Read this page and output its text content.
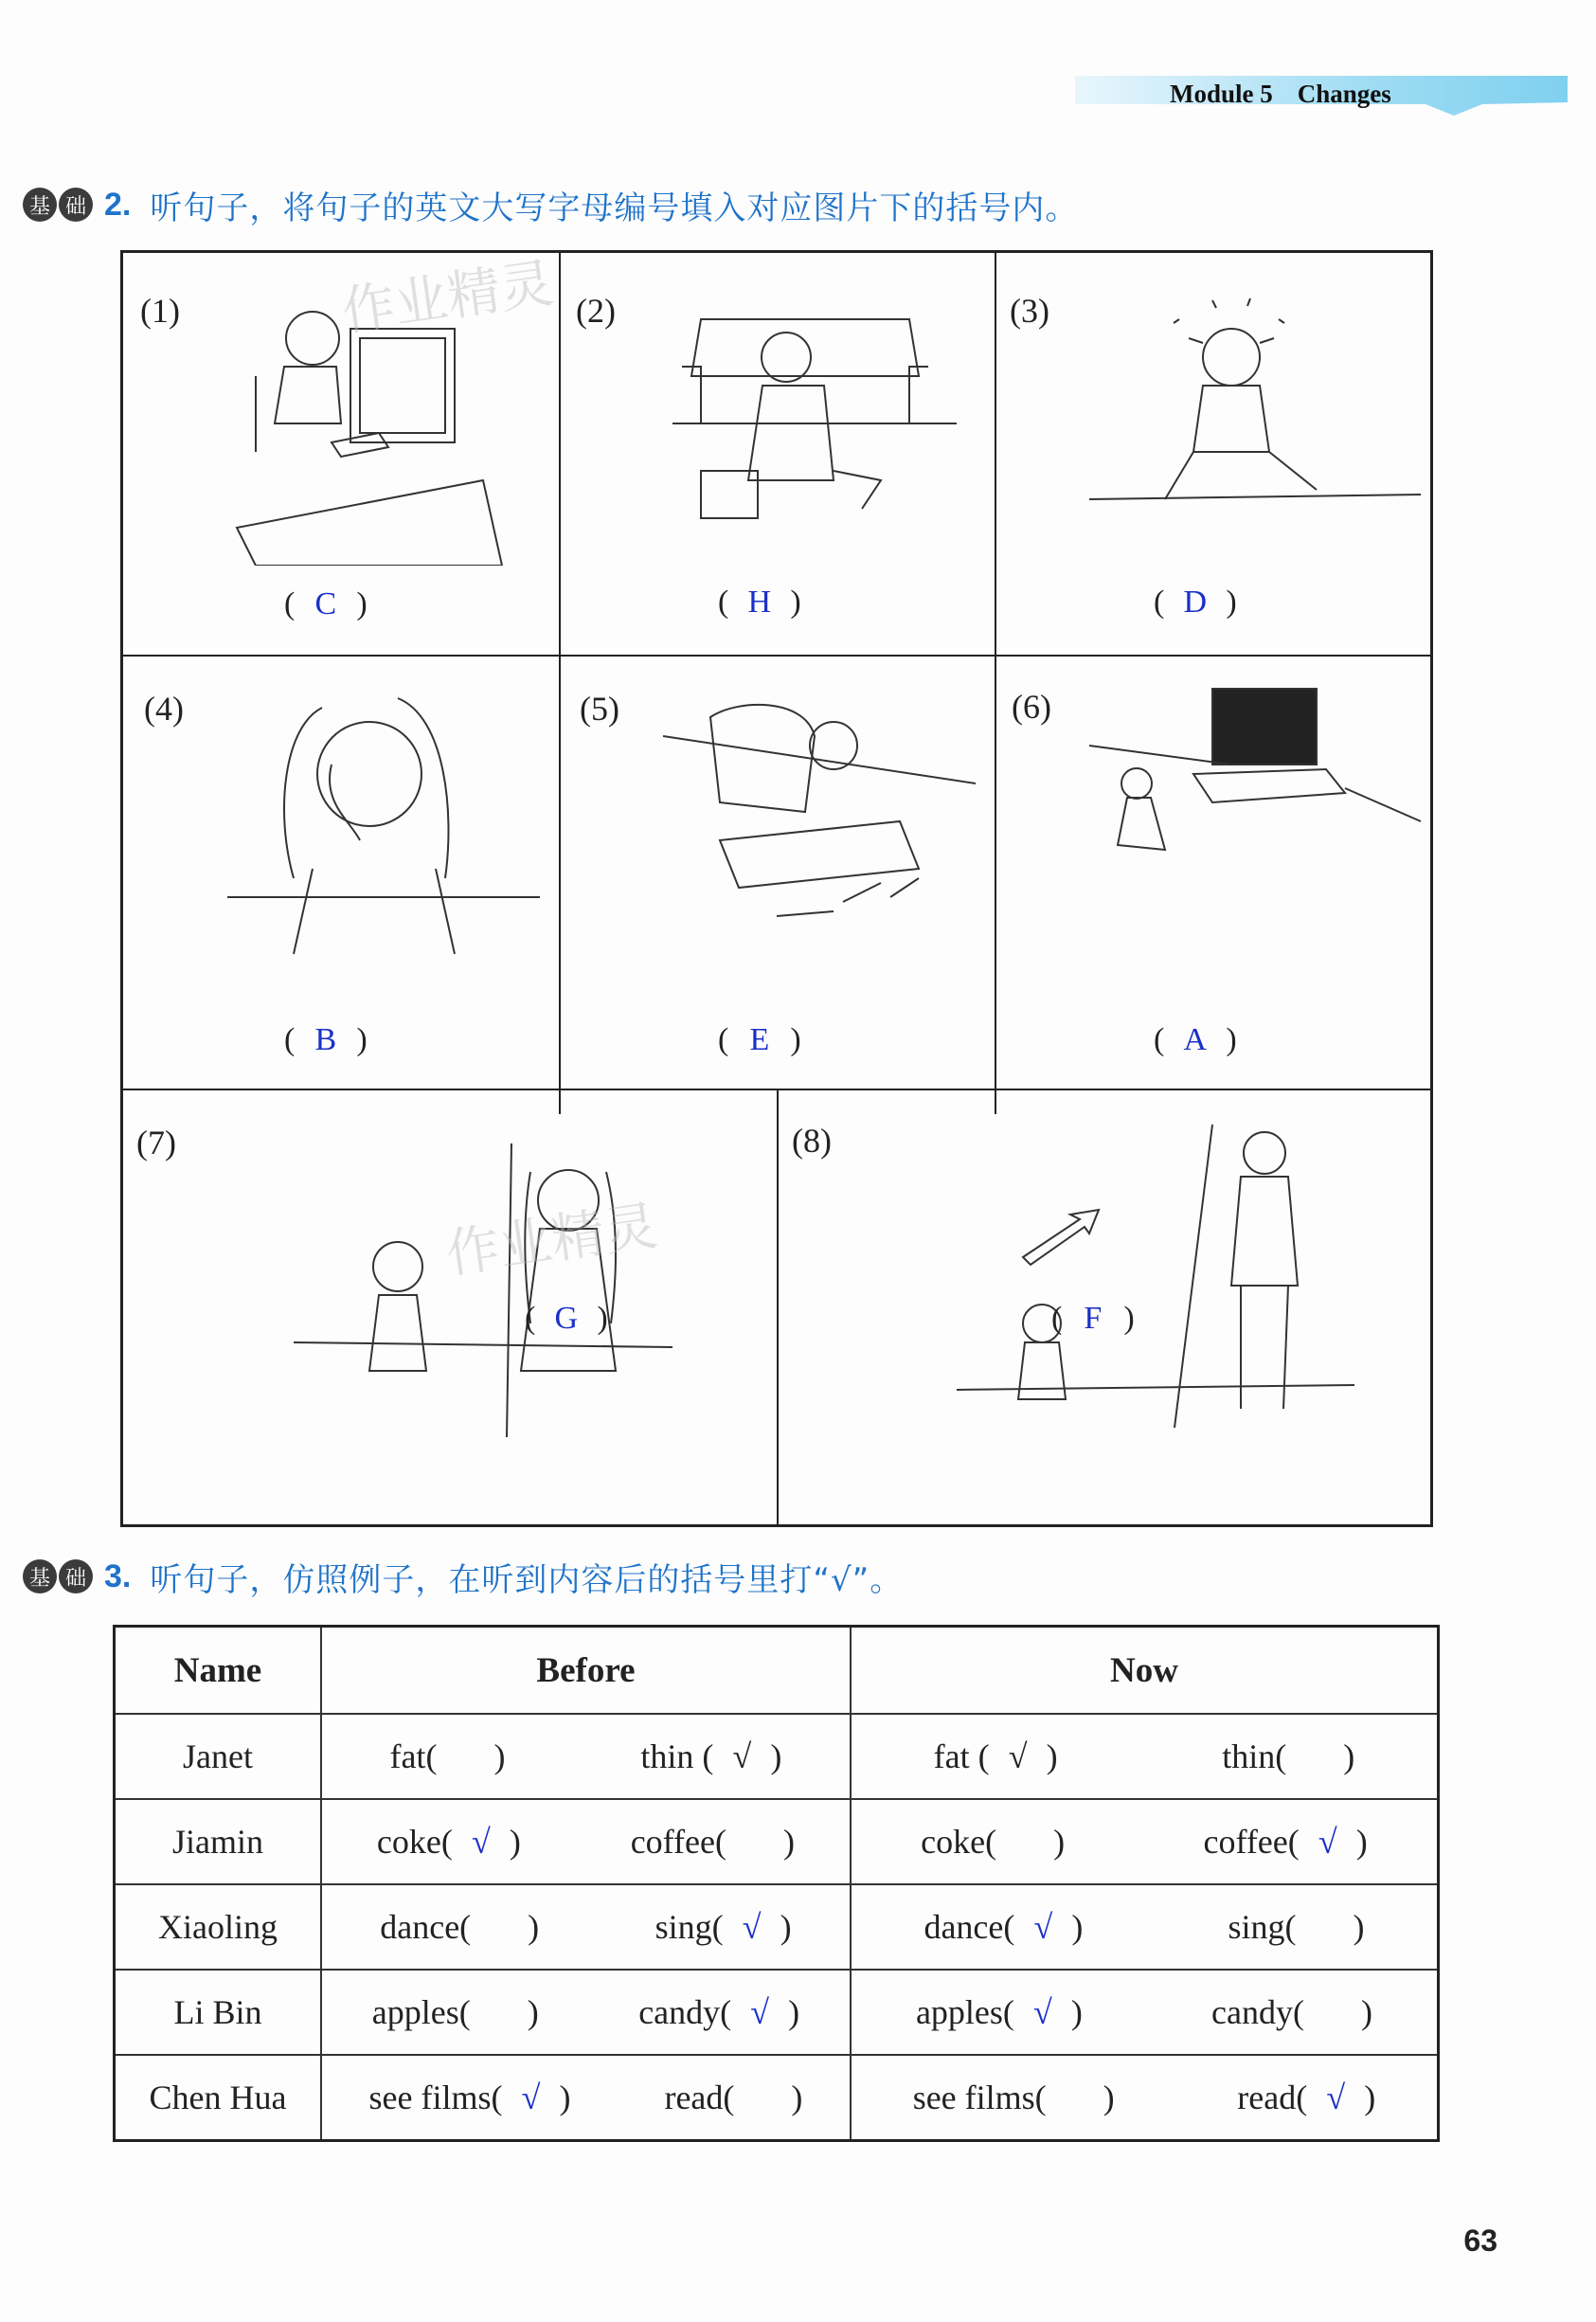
Module 5 Changes
基 础 2. 听句子，将句子的英文大写字母编号填入对应图片下的括号内。
(1)
( C )
(2)
( H )
(3)
( D )
(4)
( B )
(5)
( E )
(6)
( A )
(7)
( G )
(8)
( F )
作业精灵
作业精灵
基 础 3. 听句子，仿照例子，在听到内容后的括号里打“√”。
Name	Before	Now
Janet	fat( ) thin ( √ )	fat ( √ ) thin( )

Jiamin	coke( √ ) coffee( )	coke( ) coffee( √ )

Xiaoling	dance( ) sing( √ )	dance( √ ) sing( )

Li Bin	apples( ) candy( √ )	apples( √ ) candy( )

Chen Hua	see films( √ ) read( )	see films( ) read( √ )
63
